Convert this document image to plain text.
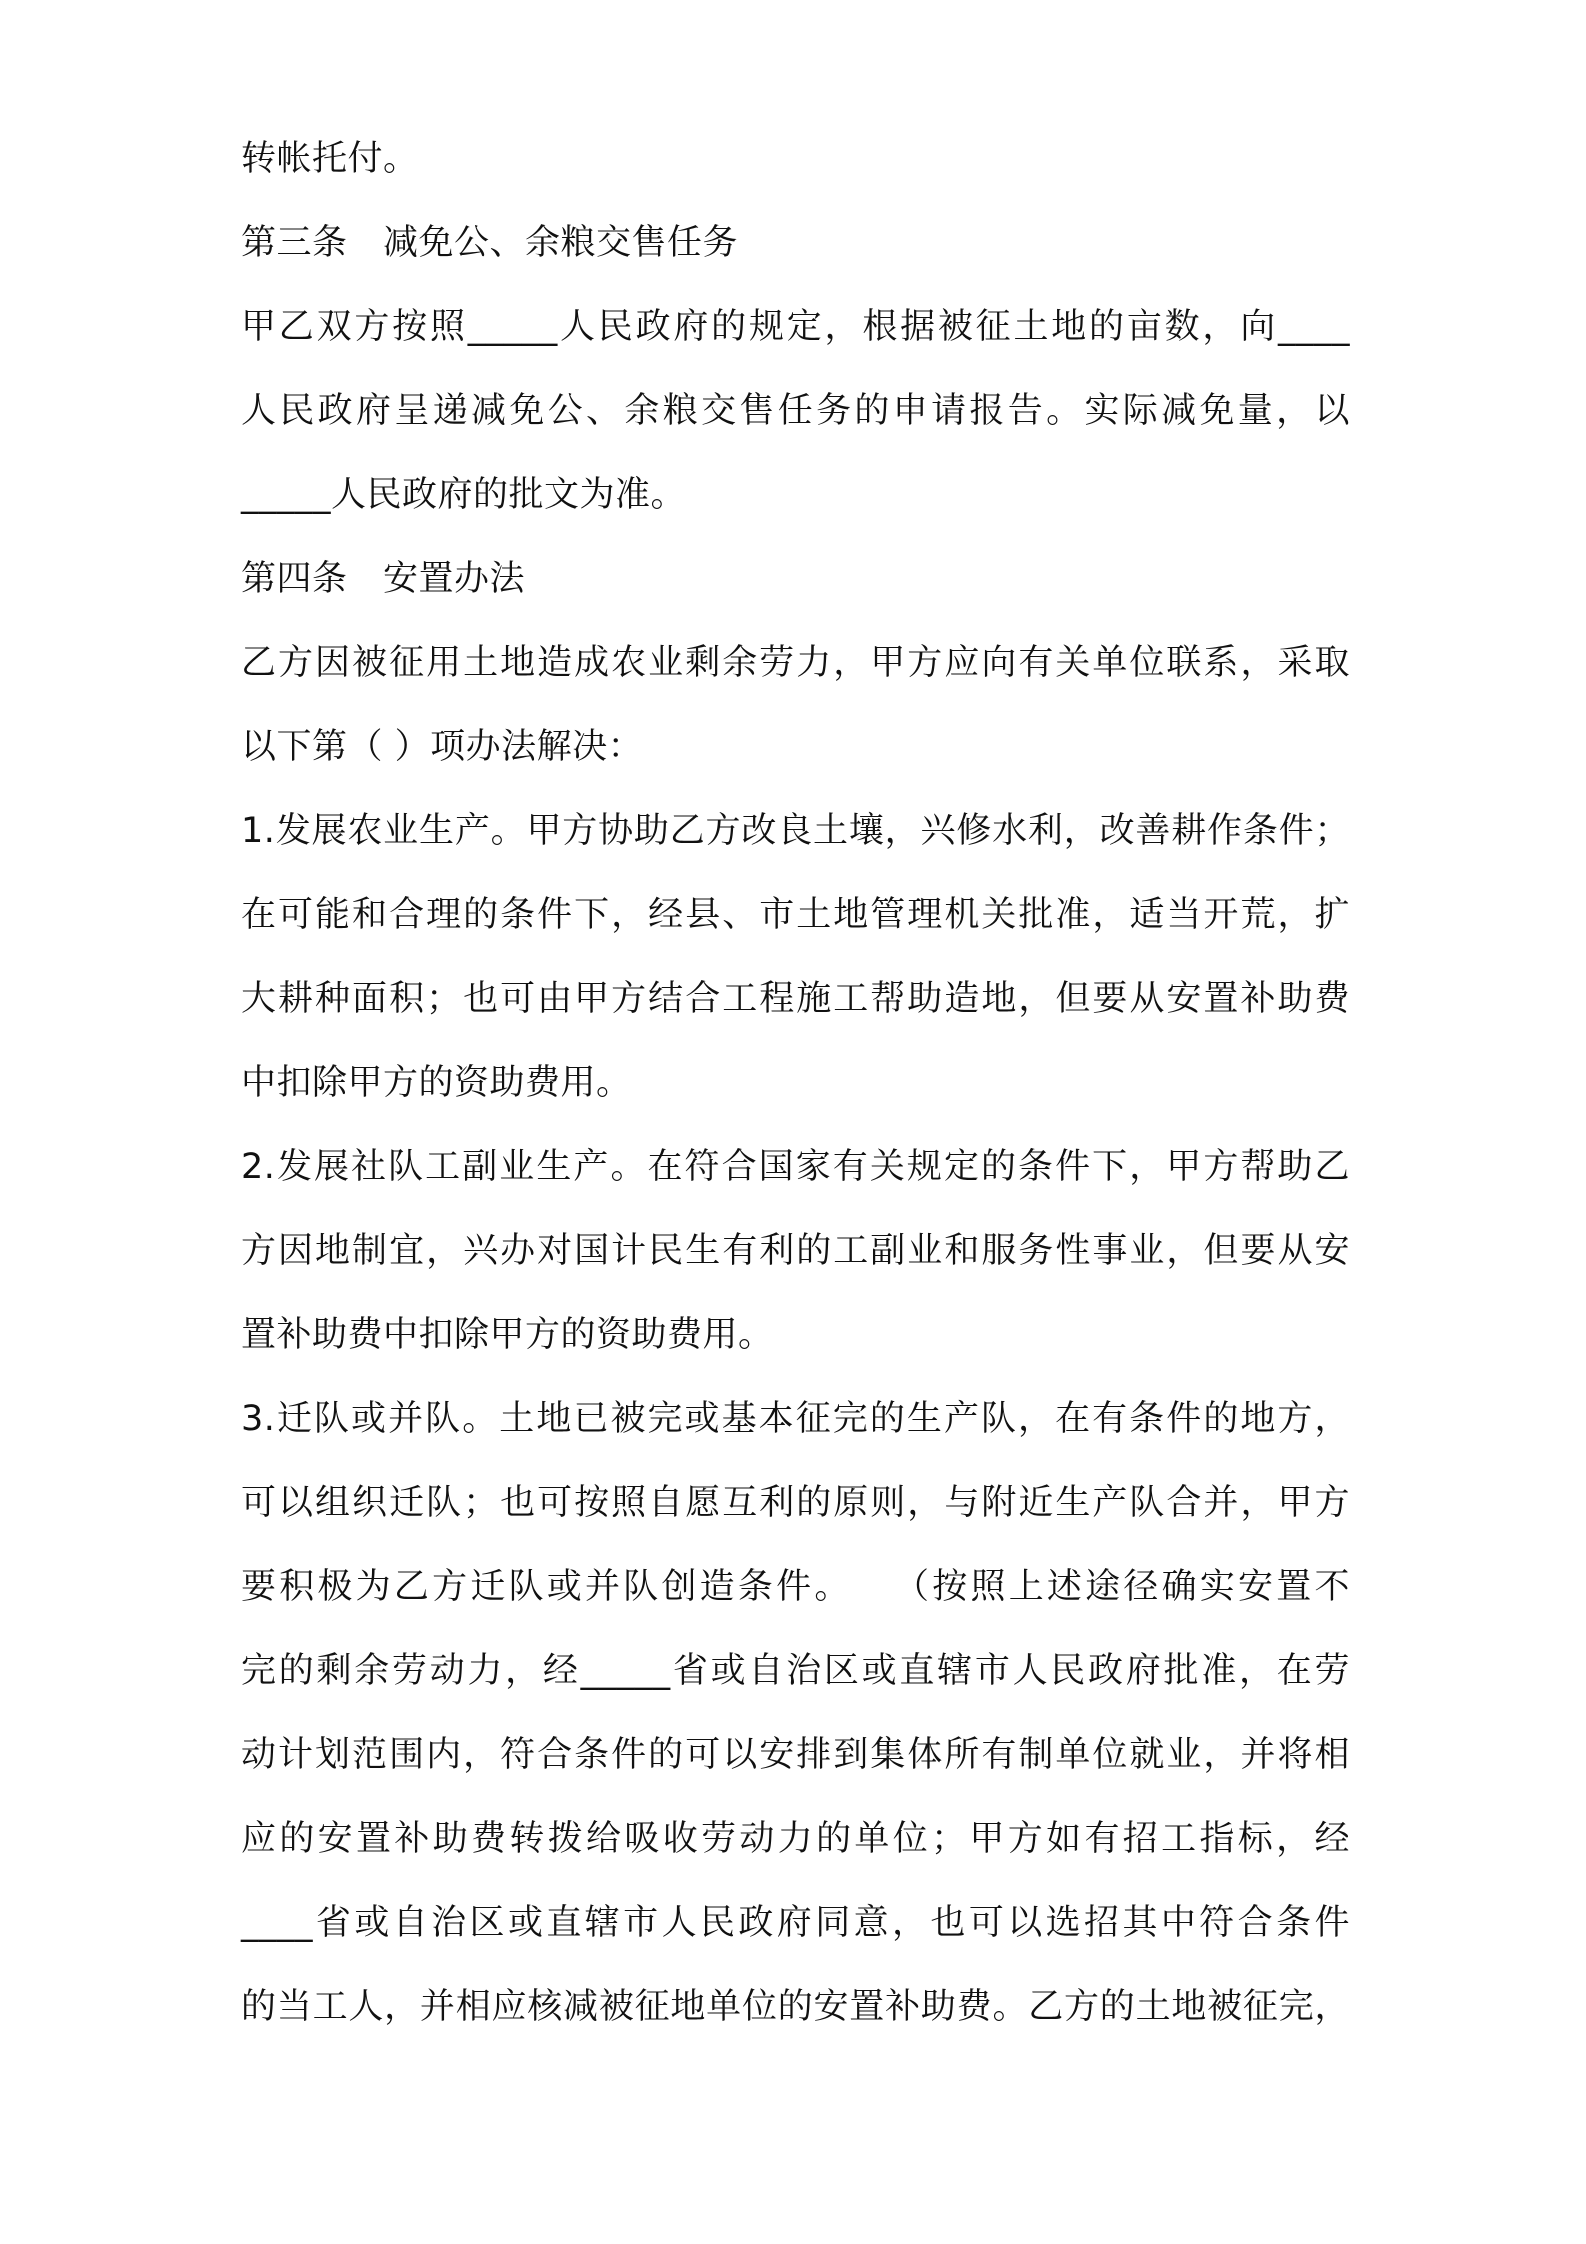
转帐托付。
第三条　减免公、余粮交售任务
甲乙双方按照_____人民政府的规定，根据被征土地的亩数，向____
人民政府呈递减免公、余粮交售任务的申请报告。实际减免量，以
_____人民政府的批文为准。
第四条　安置办法
乙方因被征用土地造成农业剩余劳力，甲方应向有关单位联系，采取
以下第（ ）项办法解决：
1.发展农业生产。甲方协助乙方改良土壤，兴修水利，改善耕作条件；
在可能和合理的条件下，经县、市土地管理机关批准，适当开荒，扩
大耕种面积；也可由甲方结合工程施工帮助造地，但要从安置补助费
中扣除甲方的资助费用。
2.发展社队工副业生产。在符合国家有关规定的条件下，甲方帮助乙
方因地制宜，兴办对国计民生有利的工副业和服务性事业，但要从安
置补助费中扣除甲方的资助费用。
3.迁队或并队。土地已被完或基本征完的生产队，在有条件的地方，
可以组织迁队；也可按照自愿互利的原则，与附近生产队合并，甲方
要积极为乙方迁队或并队创造条件。　　（按照上述途径确实安置不
完的剩余劳动力，经_____省或自治区或直辖市人民政府批准，在劳
动计划范围内，符合条件的可以安排到集体所有制单位就业，并将相
应的安置补助费转拨给吸收劳动力的单位；甲方如有招工指标，经
____省或自治区或直辖市人民政府同意，也可以选招其中符合条件
的当工人，并相应核减被征地单位的安置补助费。乙方的土地被征完，
